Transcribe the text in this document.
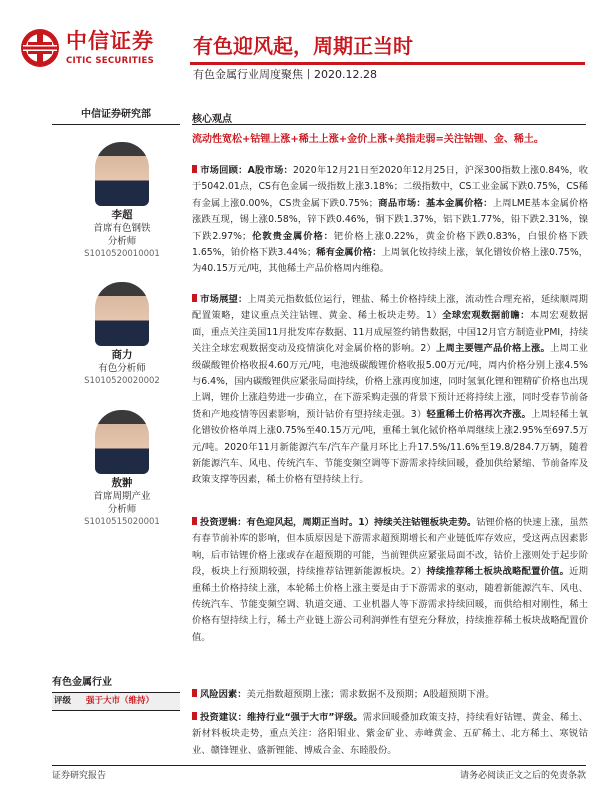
中信证券
CITIC SECURITIES
有色迎风起，周期正当时
有色金属行业周度聚焦丨2020.12.28
中信证券研究部	核心观点
李超
首席有色钢铁
分析师
S1010520010001
商力
有色分析师
S1010520020002
敖翀
首席周期产业
分析师
S1010515020001
有色金属行业
评级	强于大市（维持）
流动性宽松+钴锂上涨+稀土上涨+金价上涨+美指走弱=关注钴锂、金、稀土。
市场回顾：A股市场：2020年12月21日至2020年12月25日，沪深300指数上涨0.84%，收于5042.01点，CS有色金属一级指数上涨3.18%；二级指数中，CS工业金属下跌0.75%，CS稀有金属上涨0.00%，CS贵金属下跌0.75%；商品市场：基本金属价格：上周LME基本金属价格涨跌互现，锡上涨0.58%，锌下跌0.46%，铜下跌1.37%，铝下跌1.77%，铅下跌2.31%，镍下跌2.97%；伦敦贵金属价格：钯价格上涨0.22%，黄金价格下跌0.83%，白银价格下跌1.65%，铂价格下跌3.44%；稀有金属价格：上周氧化钕持续上涨，氧化镨钕价格上涨0.75%，为40.15万元/吨，其他稀土产品价格周内维稳。
市场展望：上周美元指数低位运行，锂盐、稀土价格持续上涨，流动性合理充裕，延续顺周期配置策略，建议重点关注钴锂、黄金、稀土板块走势。1）全球宏观数据前瞻：本周宏观数据面，重点关注美国11月批发库存数据、11月成屋签约销售数据，中国12月官方制造业PMI，持续关注全球宏观数据变动及疫情演化对金属价格的影响。2）上周主要锂产品价格上涨。上周工业级碳酸锂价格收报4.60万元/吨，电池级碳酸锂价格收报5.00万元/吨，周内价格分别上涨4.5%与6.4%，国内碳酸锂供应紧张局面持续，价格上涨再度加速，同时氢氧化锂和锂精矿价格也出现上调，锂价上涨趋势进一步确立，在下游采购走强的背景下预计还将持续上涨，同时受春节前备货和产地疫情等因素影响，预计钴价有望持续走强。3）轻重稀土价格再次齐涨。上周轻稀土氧化镨钕价格单周上涨0.75%至40.15万元/吨，重稀土氧化铽价格单周继续上涨2.95%至697.5万元/吨。2020年11月新能源汽车/汽车产量月环比上升17.5%/11.6%至19.8/284.7万辆，随着新能源汽车、风电、传统汽车、节能变频空调等下游需求持续回暖，叠加供给紧缩、节前备库及政策支撑等因素，稀土价格有望持续上行。
投资逻辑：有色迎风起，周期正当时。1）持续关注钴锂板块走势。钴锂价格的快速上涨，虽然有春节前补库的影响，但本质原因是下游需求超预期增长和产业链低库存效应，受这两点因素影响，后市钴锂价格上涨或存在超预期的可能，当前锂供应紧张局面不改，钴价上涨则处于起步阶段，板块上行预期较强，持续推荐钴锂新能源板块。2）持续推荐稀土板块战略配置价值。近期重稀土价格持续上涨，本轮稀土价格上涨主要是由于下游需求的驱动，随着新能源汽车、风电、传统汽车、节能变频空调、轨道交通、工业机器人等下游需求持续回暖，而供给相对刚性，稀土价格有望持续上行，稀土产业链上游公司利润弹性有望充分释放，持续推荐稀土板块战略配置价值。
风险因素：美元指数超预期上涨；需求数据不及预期；A股超预期下滑。
投资建议：维持行业“强于大市”评级。需求回暖叠加政策支持，持续看好钴锂、黄金、稀土、新材料板块走势，重点关注：洛阳钼业、紫金矿业、赤峰黄金、五矿稀土、北方稀土、寒锐钴业、赣锋锂业、盛新锂能、博威合金、东睦股份。
证券研究报告	请务必阅读正文之后的免责条款
